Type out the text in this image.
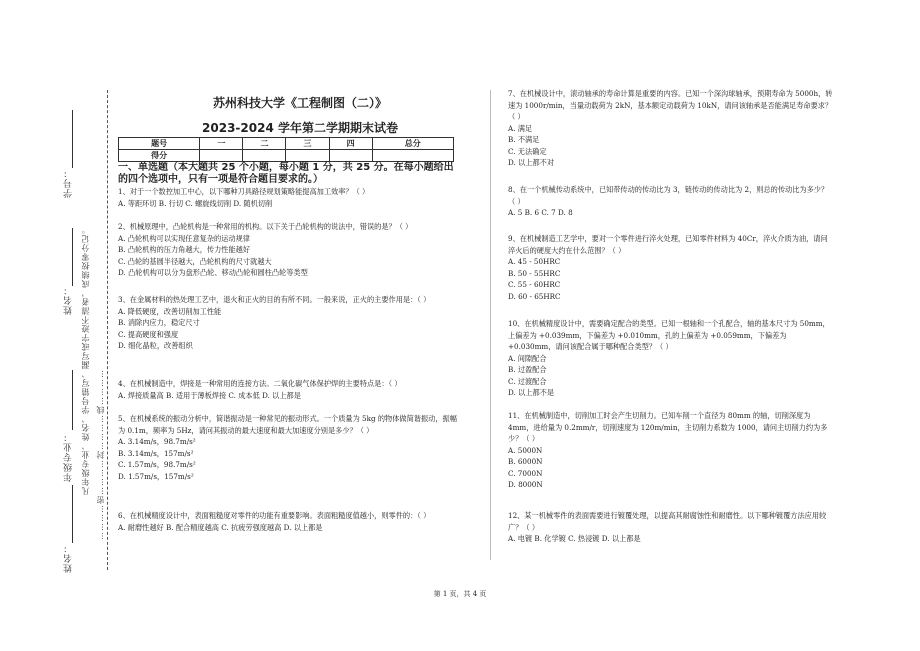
学号：
姓名：
年级专业：
姓名：
凡年级专业、姓名、学号错写、漏写或字迹不清者，成绩按零分记。 …………密…………封…………线…………
苏州科技大学《工程制图（二）》
2023-2024 学年第二学期期末试卷
题号	一	二	三	四	总分
得分					
一、单选题（本大题共 25 个小题，每小题 1 分，共 25 分。在每小题给出的四个选项中，只有一项是符合题目要求的。）

1、对于一个数控加工中心，以下哪种刀具路径规划策略能提高加工效率？（ ）

A. 等距环切 B. 行切 C. 螺旋线切削 D. 随机切削

2、机械原理中，凸轮机构是一种常用的机构。以下关于凸轮机构的说法中，错误的是？（ ）

A. 凸轮机构可以实现任意复杂的运动规律

B. 凸轮机构的压力角越大，传力性能越好

C. 凸轮的基圆半径越大，凸轮机构的尺寸就越大

D. 凸轮机构可以分为盘形凸轮、移动凸轮和圆柱凸轮等类型

3、在金属材料的热处理工艺中，退火和正火的目的有所不同。一般来说，正火的主要作用是：（ ）

A. 降低硬度，改善切削加工性能

B. 消除内应力，稳定尺寸

C. 提高硬度和强度

D. 细化晶粒，改善组织

4、在机械制造中，焊接是一种常用的连接方法。二氧化碳气体保护焊的主要特点是：（ ）

A. 焊接质量高 B. 适用于薄板焊接 C. 成本低 D. 以上都是

5、在机械系统的振动分析中，简谐振动是一种常见的振动形式。一个质量为 5kg 的物体做简谐振动，振幅为 0.1m，频率为 5Hz，请问其振动的最大速度和最大加速度分别是多少？（ ）

A. 3.14m/s，98.7m/s²

B. 3.14m/s，157m/s²

C. 1.57m/s，98.7m/s²

D. 1.57m/s，157m/s²

6、在机械精度设计中，表面粗糙度对零件的功能有重要影响。表面粗糙度值越小，则零件的：（ ）

A. 耐磨性越好 B. 配合精度越高 C. 抗疲劳强度越高 D. 以上都是

7、在机械设计中，滚动轴承的寿命计算是重要的内容。已知一个深沟球轴承，预期寿命为 5000h，转速为 1000r/min，当量动载荷为 2kN，基本额定动载荷为 10kN，请问该轴承是否能满足寿命要求？（ ）

A. 满足

B. 不满足

C. 无法确定

D. 以上都不对

8、在一个机械传动系统中，已知带传动的传动比为 3，链传动的传动比为 2，则总的传动比为多少？（ ）

A. 5 B. 6 C. 7 D. 8

9、在机械制造工艺学中，要对一个零件进行淬火处理，已知零件材料为 40Cr，淬火介质为油，请问淬火后的硬度大约在什么范围？（ ）

A. 45 - 50HRC

B. 50 - 55HRC

C. 55 - 60HRC

D. 60 - 65HRC

10、在机械精度设计中，需要确定配合的类型。已知一根轴和一个孔配合，轴的基本尺寸为 50mm，上偏差为 +0.039mm，下偏差为 +0.010mm，孔的上偏差为 +0.059mm，下偏差为 +0.030mm，请问该配合属于哪种配合类型？（ ）

A. 间隙配合

B. 过盈配合

C. 过渡配合

D. 以上都不是

11、在机械制造中，切削加工时会产生切削力。已知车削一个直径为 80mm 的轴，切削深度为 4mm，进给量为 0.2mm/r，切削速度为 120m/min，主切削力系数为 1000，请问主切削力约为多少？（ ）

A. 5000N

B. 6000N

C. 7000N

D. 8000N

12、某一机械零件的表面需要进行镀覆处理，以提高其耐腐蚀性和耐磨性。以下哪种镀覆方法应用较广？（ ）

A. 电镀 B. 化学镀 C. 热浸镀 D. 以上都是

第 1 页，共 4 页
